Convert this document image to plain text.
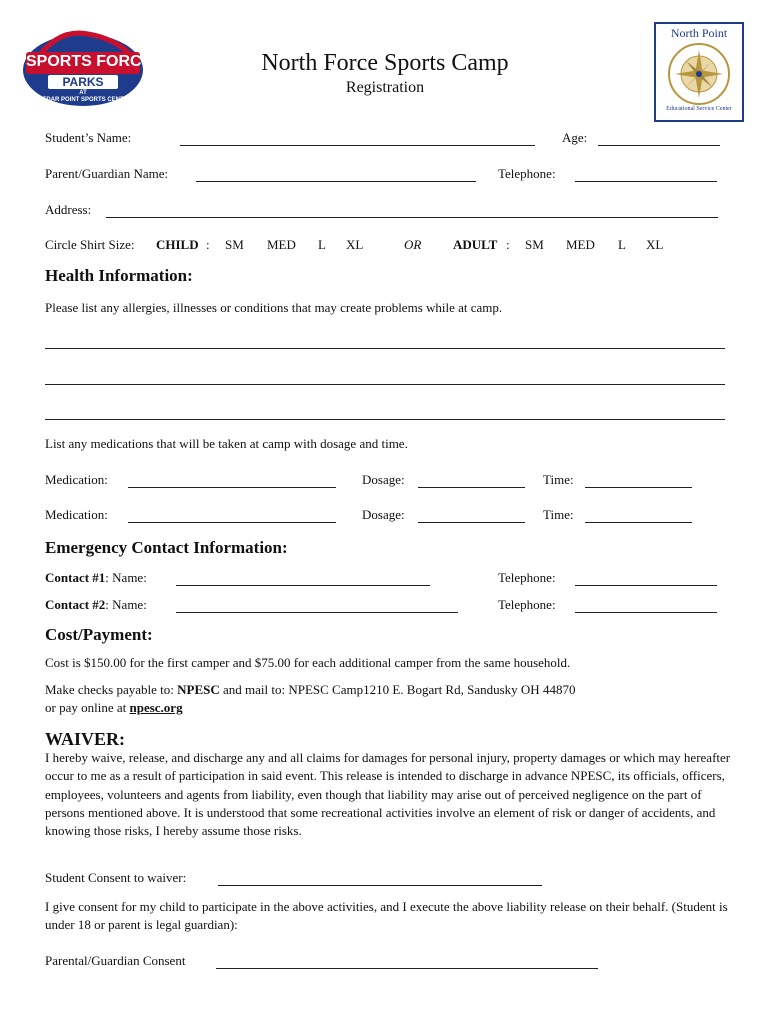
SPORTS FORCE
PARKS
AT
CEDAR POINT SPORTS CENTER
North Point
Educational Service Center
North Force Sports Camp
Registration
Student’s Name:	Age:
Parent/Guardian Name:	Telephone:
Address:
Circle Shirt Size: CHILD : SM MED L XL	OR ADULT : SM MED L XL
Health Information:
Please list any allergies, illnesses or conditions that may create problems while at camp.
List any medications that will be taken at camp with dosage and time.
Medication:	Dosage:	Time:
Medication:	Dosage:	Time:
Emergency Contact Information:
Contact #1: Name:	Telephone:
Contact #2: Name:	Telephone:
Cost/Payment:
Cost is $150.00 for the first camper and $75.00 for each additional camper from the same household.
Make checks payable to: NPESC and mail to: NPESC Camp1210 E. Bogart Rd, Sandusky OH 44870
or pay online at npesc.org
WAIVER:
I hereby waive, release, and discharge any and all claims for damages for personal injury, property damages or which may hereafter occur to me as a result of participation in said event. This release is intended to discharge in advance NPESC, its officials, officers, employees, volunteers and agents from liability, even though that liability may arise out of perceived negligence on the part of persons mentioned above. It is understood that some recreational activities involve an element of risk or danger of accidents, and knowing those risks, I hereby assume those risks.
Student Consent to waiver:
I give consent for my child to participate in the above activities, and I execute the above liability release on their behalf. (Student is under 18 or parent is legal guardian):
Parental/Guardian Consent
